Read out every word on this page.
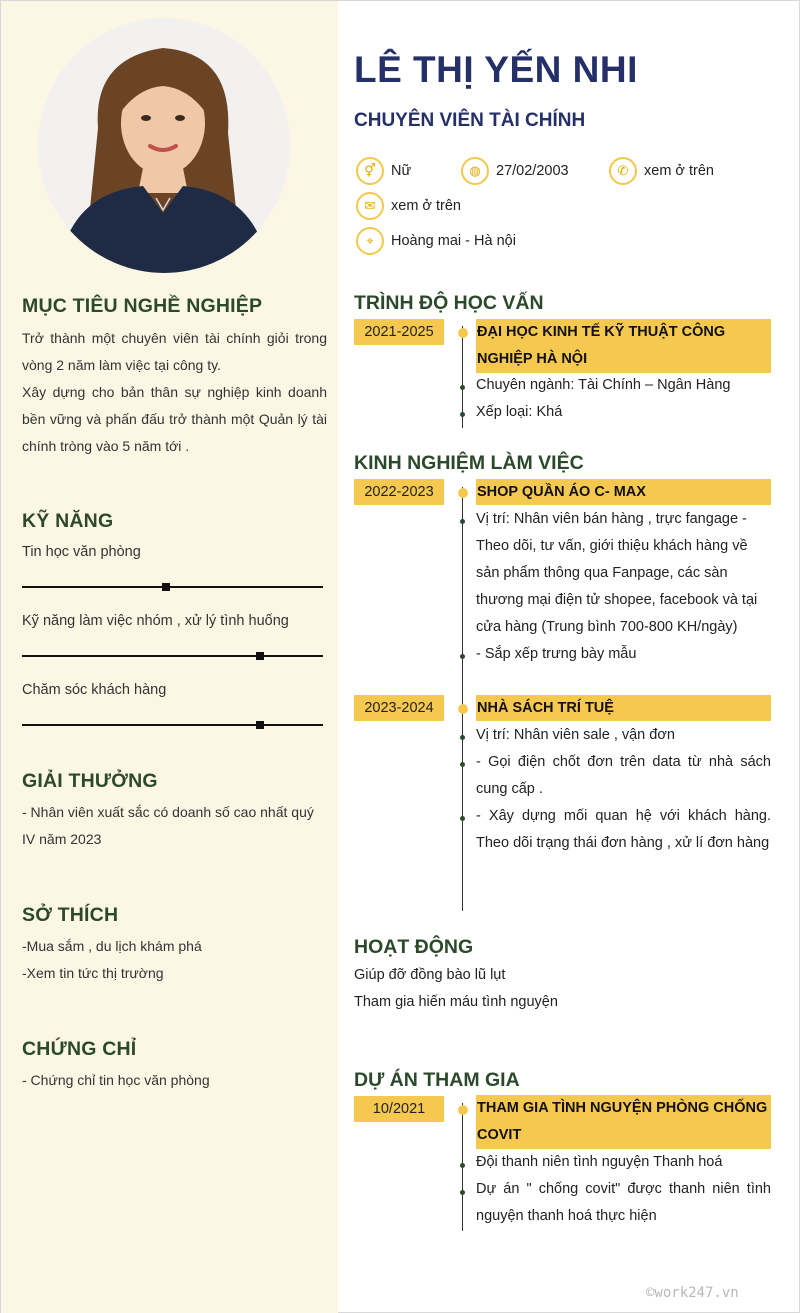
MỤC TIÊU NGHỀ NGHIỆP
Trở thành một chuyên viên tài chính giỏi trong vòng 2 năm làm việc tại công ty.
Xây dựng cho bản thân sự nghiệp kinh doanh bền vững và phấn đấu trở thành một Quản lý tài chính tròng vào 5 năm tới .
KỸ NĂNG
Tin học văn phòng
Kỹ năng làm việc nhóm , xử lý tình huống
Chăm sóc khách hàng
GIẢI THƯỞNG
- Nhân viên xuất sắc có doanh số cao nhất quý IV năm 2023
SỞ THÍCH
-Mua sắm , du lịch khám phá
-Xem tin tức thị trường
CHỨNG CHỈ
- Chứng chỉ tin học văn phòng
LÊ THỊ YẾN NHI
CHUYÊN VIÊN TÀI CHÍNH
⚥	Nữ	◍	27/02/2003	✆	xem ở trên
✉	xem ở trên
⌖	Hoàng mai - Hà nội
TRÌNH ĐỘ HỌC VẤN
2021-2025	ĐẠI HỌC KINH TẾ KỸ THUẬT CÔNG NGHIỆP HÀ NỘI
Chuyên ngành: Tài Chính – Ngân Hàng
Xếp loại: Khá
KINH NGHIỆM LÀM VIỆC
2022-2023	SHOP QUẦN ÁO C- MAX
Vị trí: Nhân viên bán hàng , trực fangage - Theo dõi, tư vấn, giới thiệu khách hàng về sản phẩm thông qua Fanpage, các sàn thương mại điện tử shopee, facebook và tại cửa hàng (Trung bình 700-800 KH/ngày)
- Sắp xếp trưng bày mẫu
2023-2024	NHÀ SÁCH TRÍ TUỆ
Vị trí: Nhân viên sale , vận đơn
- Gọi điện chốt đơn trên data từ nhà sách cung cấp .
- Xây dựng mối quan hệ với khách hàng. Theo dõi trạng thái đơn hàng , xử lí đơn hàng
HOẠT ĐỘNG
Giúp đỡ đồng bào lũ lụt
Tham gia hiến máu tình nguyện
DỰ ÁN THAM GIA
10/2021	THAM GIA TÌNH NGUYỆN PHÒNG CHỐNG COVIT
Đội thanh niên tình nguyện Thanh hoá
Dự án " chống covit" được thanh niên tình nguyện thanh hoá thực hiện
©work247.vn
